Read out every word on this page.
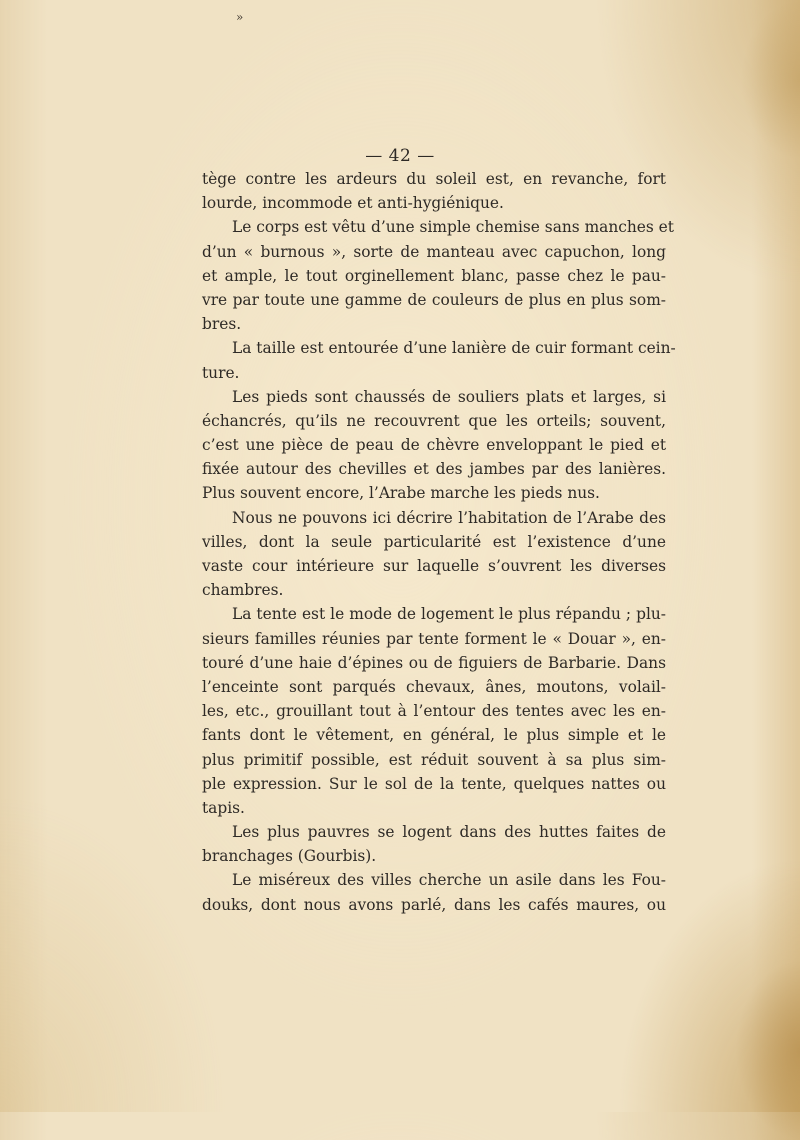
»
— 42 —
tège contre les ardeurs du soleil est, en revanche, fort
lourde, incommode et anti-hygiénique.
Le corps est vêtu d’une simple chemise sans manches et
d’un « burnous », sorte de manteau avec capuchon, long
et ample, le tout orginellement blanc, passe chez le pau-
vre par toute une gamme de couleurs de plus en plus som-
bres.
La taille est entourée d’une lanière de cuir formant cein-
ture.
Les pieds sont chaussés de souliers plats et larges, si
échancrés, qu’ils ne recouvrent que les orteils; souvent,
c’est une pièce de peau de chèvre enveloppant le pied et
fixée autour des chevilles et des jambes par des lanières.
Plus souvent encore, l’Arabe marche les pieds nus.
Nous ne pouvons ici décrire l’habitation de l’Arabe des
villes, dont la seule particularité est l’existence d’une
vaste cour intérieure sur laquelle s’ouvrent les diverses
chambres.
La tente est le mode de logement le plus répandu ; plu-
sieurs familles réunies par tente forment le « Douar », en-
touré d’une haie d’épines ou de figuiers de Barbarie. Dans
l’enceinte sont parqués chevaux, ânes, moutons, volail-
les, etc., grouillant tout à l’entour des tentes avec les en-
fants dont le vêtement, en général, le plus simple et le
plus primitif possible, est réduit souvent à sa plus sim-
ple expression. Sur le sol de la tente, quelques nattes ou
tapis.
Les plus pauvres se logent dans des huttes faites de
branchages (Gourbis).
Le miséreux des villes cherche un asile dans les Fou-
douks, dont nous avons parlé, dans les cafés maures, ou
